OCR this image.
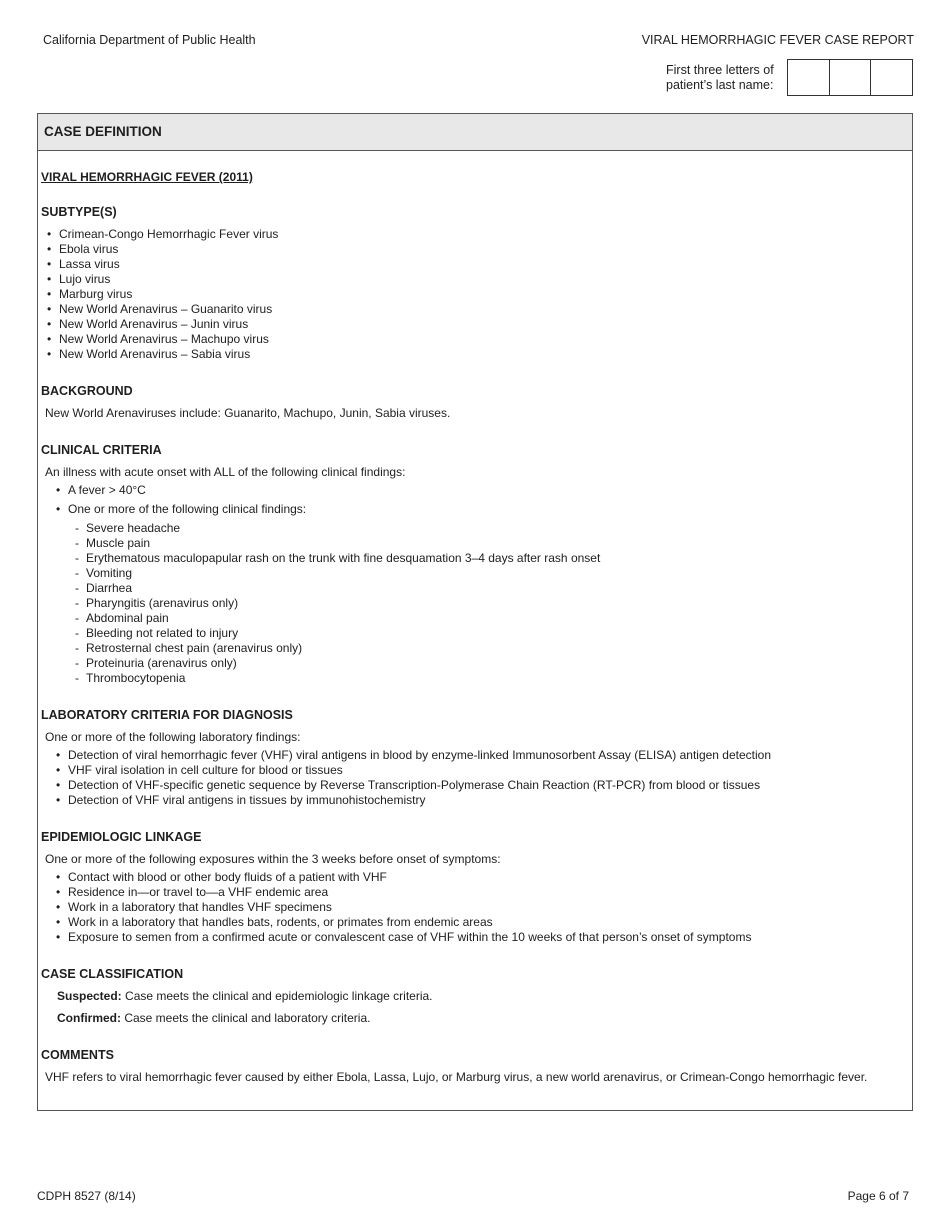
California Department of Public Health	VIRAL HEMORRHAGIC FEVER CASE REPORT
First three letters of
patient’s last name:
CASE DEFINITION
VIRAL HEMORRHAGIC FEVER (2011)
SUBTYPE(S)
• Crimean-Congo Hemorrhagic Fever virus
• Ebola virus
• Lassa virus
• Lujo virus
• Marburg virus
• New World Arenavirus – Guanarito virus
• New World Arenavirus – Junin virus
• New World Arenavirus – Machupo virus
• New World Arenavirus – Sabia virus
BACKGROUND
New World Arenaviruses include: Guanarito, Machupo, Junin, Sabia viruses.
CLINICAL CRITERIA
An illness with acute onset with ALL of the following clinical findings:
• A fever > 40°C
• One or more of the following clinical findings:
- Severe headache
- Muscle pain
- Erythematous maculopapular rash on the trunk with fine desquamation 3–4 days after rash onset
- Vomiting
- Diarrhea
- Pharyngitis (arenavirus only)
- Abdominal pain
- Bleeding not related to injury
- Retrosternal chest pain (arenavirus only)
- Proteinuria (arenavirus only)
- Thrombocytopenia
LABORATORY CRITERIA FOR DIAGNOSIS
One or more of the following laboratory findings:
• Detection of viral hemorrhagic fever (VHF) viral antigens in blood by enzyme-linked Immunosorbent Assay (ELISA) antigen detection
• VHF viral isolation in cell culture for blood or tissues
• Detection of VHF-specific genetic sequence by Reverse Transcription-Polymerase Chain Reaction (RT-PCR) from blood or tissues
• Detection of VHF viral antigens in tissues by immunohistochemistry
EPIDEMIOLOGIC LINKAGE
One or more of the following exposures within the 3 weeks before onset of symptoms:
• Contact with blood or other body fluids of a patient with VHF
• Residence in—or travel to—a VHF endemic area
• Work in a laboratory that handles VHF specimens
• Work in a laboratory that handles bats, rodents, or primates from endemic areas
• Exposure to semen from a confirmed acute or convalescent case of VHF within the 10 weeks of that person’s onset of symptoms
CASE CLASSIFICATION
Suspected: Case meets the clinical and epidemiologic linkage criteria.
Confirmed: Case meets the clinical and laboratory criteria.
COMMENTS
VHF refers to viral hemorrhagic fever caused by either Ebola, Lassa, Lujo, or Marburg virus, a new world arenavirus, or Crimean-Congo hemorrhagic fever.
CDPH 8527 (8/14)	Page 6 of 7
